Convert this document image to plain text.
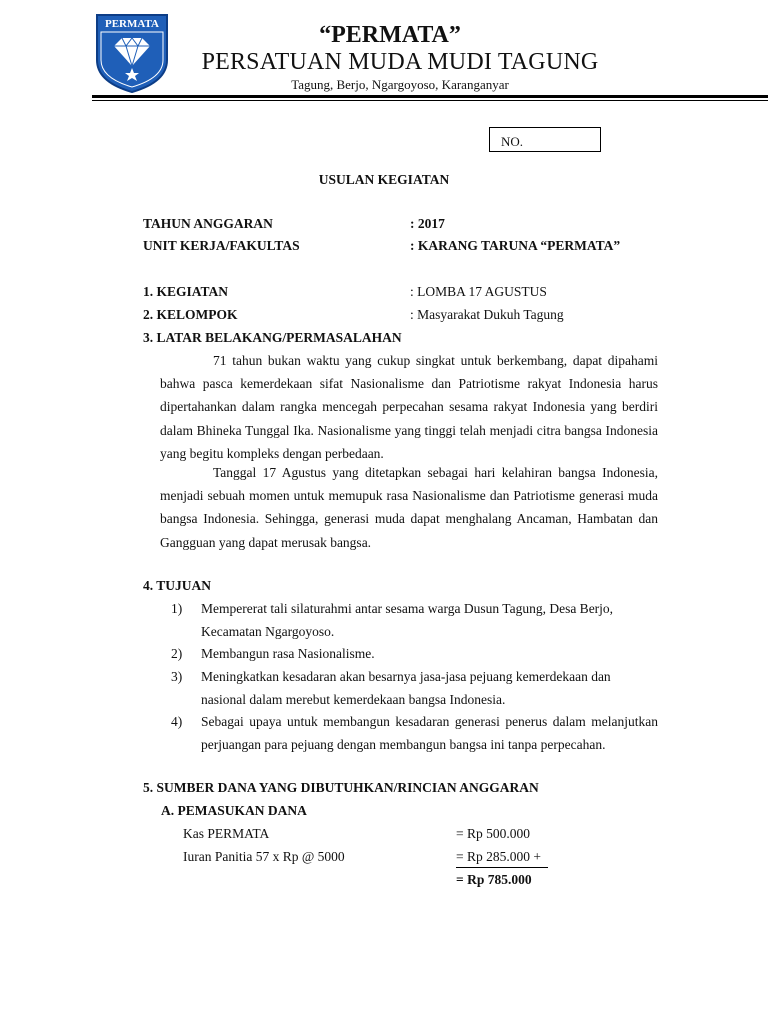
PERMATA	“PERMATA”
PERSATUAN MUDA MUDI TAGUNG
Tagung, Berjo, Ngargoyoso, Karanganyar
NO.
USULAN KEGIATAN
TAHUN ANGGARAN	: 2017
UNIT KERJA/FAKULTAS	: KARANG TARUNA “PERMATA”
1. KEGIATAN	: LOMBA 17 AGUSTUS
2. KELOMPOK	: Masyarakat Dukuh Tagung
3. LATAR BELAKANG/PERMASALAHAN
71 tahun bukan waktu yang cukup singkat untuk berkembang, dapat dipahami bahwa pasca kemerdekaan sifat Nasionalisme dan Patriotisme rakyat Indonesia harus dipertahankan dalam rangka mencegah perpecahan sesama rakyat Indonesia yang berdiri dalam Bhineka Tunggal Ika. Nasionalisme yang tinggi telah menjadi citra bangsa Indonesia yang begitu kompleks dengan perbedaan.
Tanggal 17 Agustus yang ditetapkan sebagai hari kelahiran bangsa Indonesia, menjadi sebuah momen untuk memupuk rasa Nasionalisme dan Patriotisme generasi muda bangsa Indonesia. Sehingga, generasi muda dapat menghalang Ancaman, Hambatan dan Gangguan yang dapat merusak bangsa.
4. TUJUAN
1) Mempererat tali silaturahmi antar sesama warga Dusun Tagung, Desa Berjo, Kecamatan Ngargoyoso.
2) Membangun rasa Nasionalisme.
3) Meningkatkan kesadaran akan besarnya jasa-jasa pejuang kemerdekaan dan nasional dalam merebut kemerdekaan bangsa Indonesia.
4) Sebagai upaya untuk membangun kesadaran generasi penerus dalam melanjutkan perjuangan para pejuang dengan membangun bangsa ini tanpa perpecahan.
5. SUMBER DANA YANG DIBUTUHKAN/RINCIAN ANGGARAN
A. PEMASUKAN DANA
Kas PERMATA	= Rp 500.000
Iuran Panitia 57 x Rp @ 5000	= Rp 285.000 +
= Rp 785.000
